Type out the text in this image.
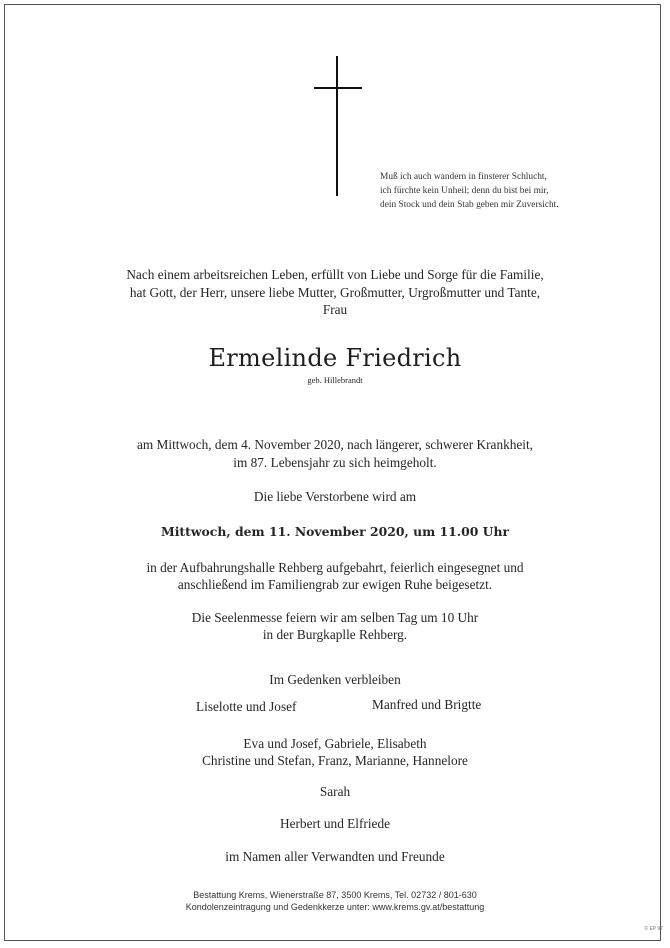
Muß ich auch wandern in finsterer Schlucht,
ich fürchte kein Unheil; denn du bist bei mir,
dein Stock und dein Stab geben mir Zuversicht.
Nach einem arbeitsreichen Leben, erfüllt von Liebe und Sorge für die Familie,
hat Gott, der Herr, unsere liebe Mutter, Großmutter, Urgroßmutter und Tante,
Frau
Ermelinde Friedrich
geb. Hillebrandt
am Mittwoch, dem 4. November 2020, nach längerer, schwerer Krankheit,
im 87. Lebensjahr zu sich heimgeholt.
Die liebe Verstorbene wird am
Mittwoch, dem 11. November 2020, um 11.00 Uhr
in der Aufbahrungshalle Rehberg aufgebahrt, feierlich eingesegnet und
anschließend im Familiengrab zur ewigen Ruhe beigesetzt.
Die Seelenmesse feiern wir am selben Tag um 10 Uhr
in der Burgkaplle Rehberg.
Im Gedenken verbleiben
Liselotte und Josef	Manfred und Brigtte
Eva und Josef, Gabriele, Elisabeth
Christine und Stefan, Franz, Marianne, Hannelore
Sarah
Herbert und Elfriede
im Namen aller Verwandten und Freunde
Bestattung Krems, Wienerstraße 87, 3500 Krems, Tel. 02732 / 801-630
Kondolenzeintragung und Gedenkkerze unter: www.krems.gv.at/bestattung
© EP 97
